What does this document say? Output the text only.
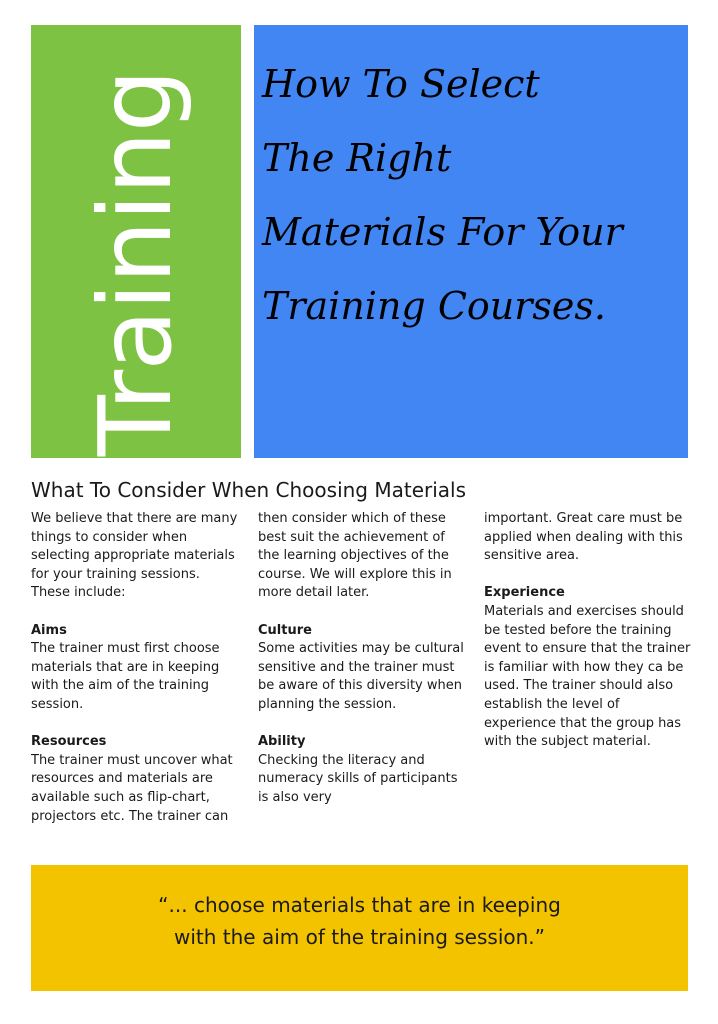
Training How To Select
The Right
Materials For Your
Training Courses.
What To Consider When Choosing Materials

We believe that there are many things to consider when selecting appropriate materials for your training sessions. These include:

Aims

The trainer must first choose materials that are in keeping with the aim of the training session.

Resources

The trainer must uncover what resources and materials are available such as flip-chart, projectors etc. The trainer can

then consider which of these best suit the achievement of the learning objectives of the course. We will explore this in more detail later.

Culture

Some activities may be cultural sensitive and the trainer must be aware of this diversity when planning the session.

Ability

Checking the literacy and numeracy skills of participants is also very

important. Great care must be applied when dealing with this sensitive area.

Experience

Materials and exercises should be tested before the training event to ensure that the trainer is familiar with how they ca be used. The trainer should also establish the level of experience that the group has with the subject material.

“... choose materials that are in keeping
with the aim of the training session.”
